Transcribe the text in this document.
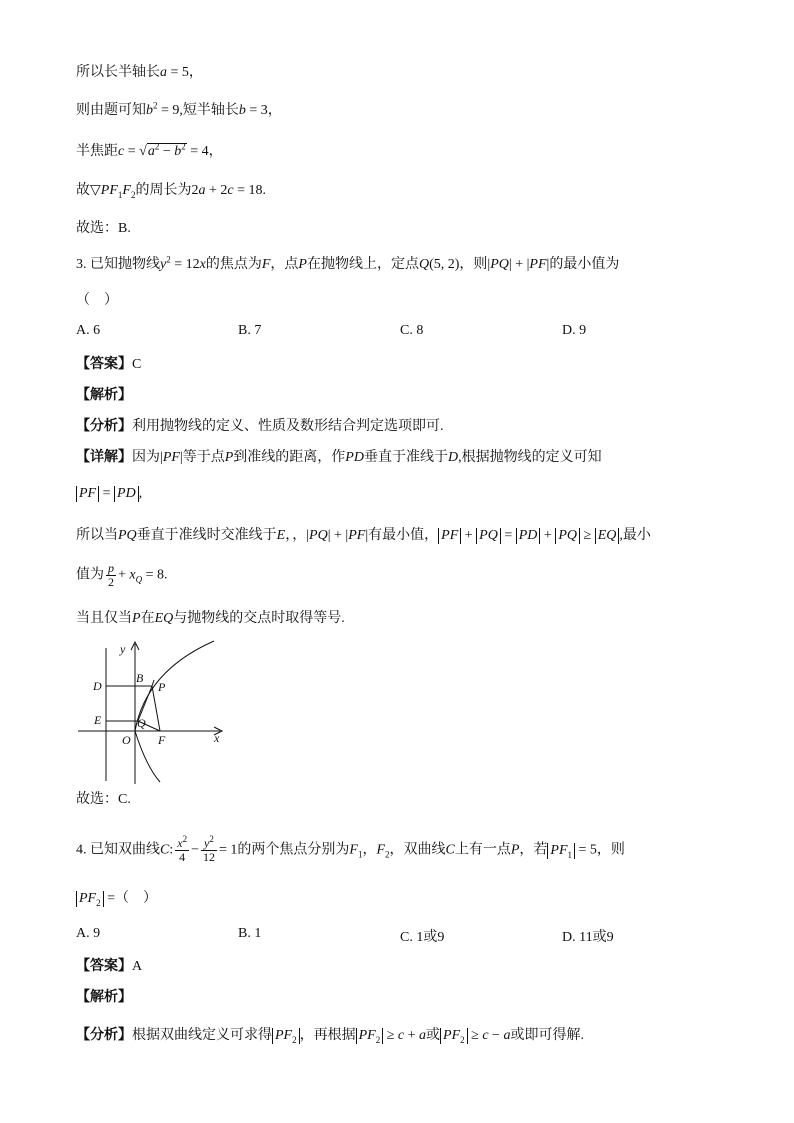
所以长半轴长a = 5，
则由题可知$b^2 = 9$,短半轴长b = 3，
半焦距$c = √a^2 - b^2 = 4$，
故$▽PF_1F_2$的周长为2a + 2c = 18.
故选：B.
3. 已知抛物线$y^2 = 12x$的焦点为F，点P在抛物线上，定点Q(5, 2)，则|PQ| + |PF|的最小值为
（　）
A. 6	B. 7	C. 8	D. 9
【答案】C
【解析】
【分析】利用抛物线的定义、性质及数形结合判定选项即可.
【详解】因为|PF|等于点P到准线的距离，作PD垂直于准线于D,根据抛物线的定义可知
PF = PD ,
所以当PQ垂直于准线时交准线于E，，|PQ| + |PF|有最小值， PF + PQ = PD + PQ ≥ EQ ,最小
值为 $\frac{p}{2} + x_Q = 8$.
当且仅当P在EQ与抛物线的交点时取得等号.
y
x
B
P
D
E	Q
O F
故选：C.
4. 已知双曲线C: $\frac{x^2}{4} - \frac{y^2}{12} = 1$的两个焦点分别为$F_1$，$F_2$，双曲线C上有一点P，若 $PF_1 = 5$，则
$PF_2$ =（　）
A. 9	B. 1	C. 1或9	D. 11或9
【答案】A
【解析】
【分析】根据双曲线定义可求得 $PF_2$ ，再根据 $PF_2 \ge c + a$或 $PF_2 \ge c - a$或即可得解.
